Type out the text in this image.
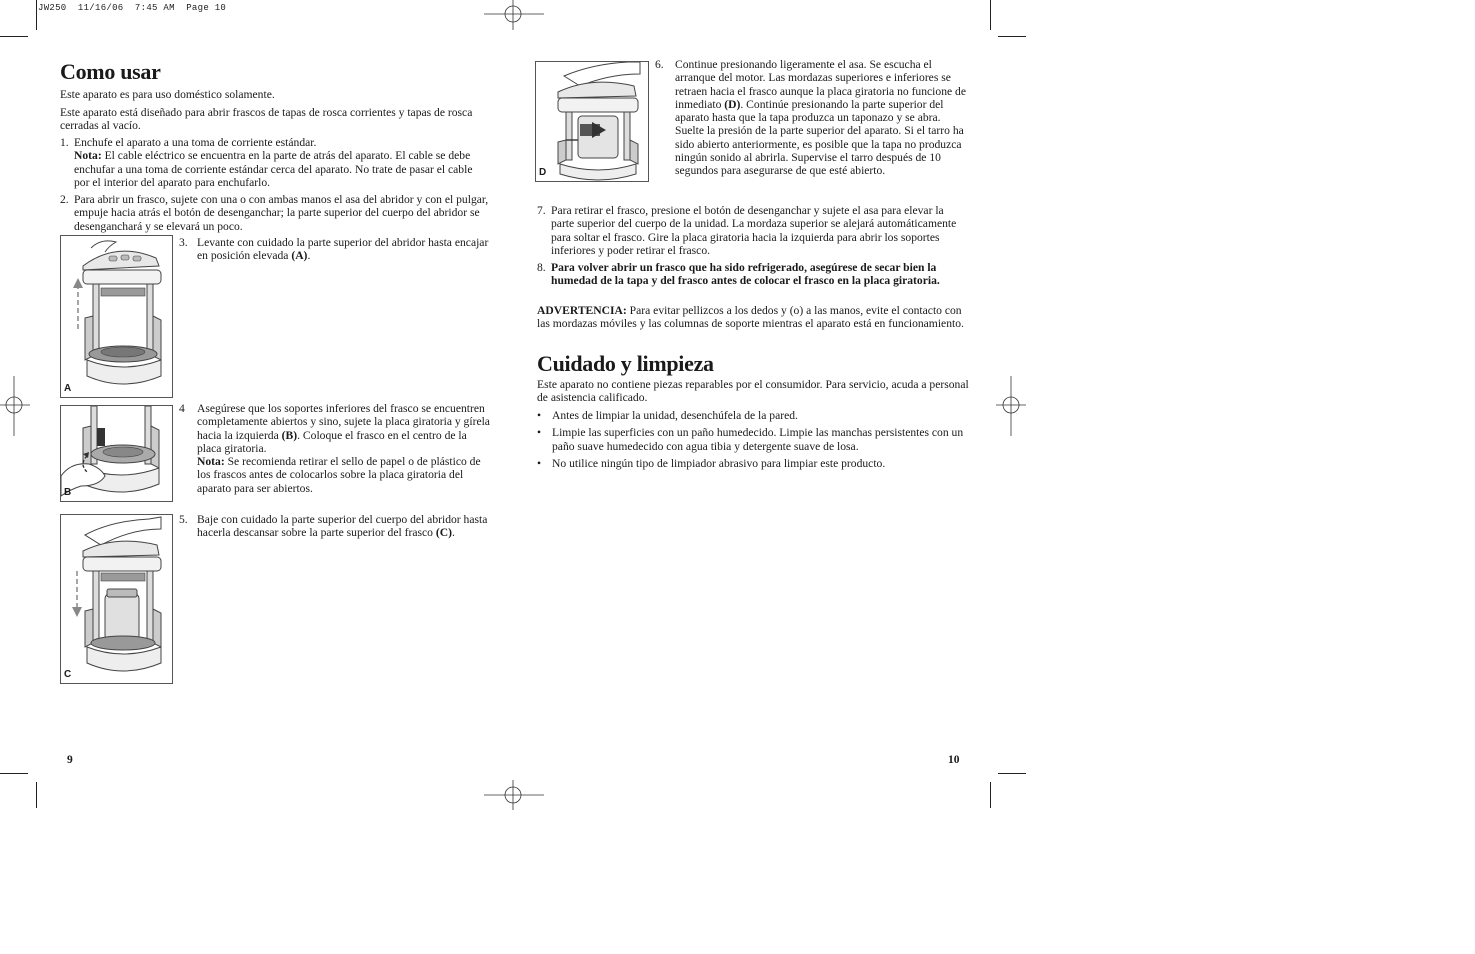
JW250  11/16/06  7:45 AM  Page 10
Como usar

Este aparato es para uso doméstico solamente.

Este aparato está diseñado para abrir frascos de tapas de rosca corrientes y tapas de rosca cerradas al vacío.

1. Enchufe el aparato a una toma de corriente estándar.
Nota: El cable eléctrico se encuentra en la parte de atrás del aparato. El cable se debe enchufar a una toma de corriente estándar cerca del aparato. No trate de pasar el cable por el interior del aparato para enchufarlo.
2. Para abrir un frasco, sujete con una o con ambas manos el asa del abridor y con el pulgar, empuje hacia atrás el botón de desenganchar; la parte superior del cuerpo del abridor se desenganchará y se elevará un poco.
A
3. Levante con cuidado la parte superior del abridor hasta encajar en posición elevada (A).
B
4 Asegúrese que los soportes inferiores del frasco se encuentren completamente abiertos y sino, sujete la placa giratoria y gírela hacia la izquierda (B). Coloque el frasco en el centro de la placa giratoria.
Nota: Se recomienda retirar el sello de papel o de plástico de los frascos antes de colocarlos sobre la placa giratoria del aparato para ser abiertos.
C
5. Baje con cuidado la parte superior del cuerpo del abridor hasta hacerla descansar sobre la parte superior del frasco (C).
9
D
6. Continue presionando ligeramente el asa. Se escucha el arranque del motor. Las mordazas superiores e inferiores se retraen hacia el frasco aunque la placa giratoria no funcione de inmediato (D). Continúe presionando la parte superior del aparato hasta que la tapa produzca un taponazo y se abra. Suelte la presión de la parte superior del aparato. Si el tarro ha sido abierto anteriormente, es posible que la tapa no produzca ningún sonido al abrirla. Supervise el tarro después de 10 segundos para asegurarse de que esté abierto.
7. Para retirar el frasco, presione el botón de desenganchar y sujete el asa para elevar la parte superior del cuerpo de la unidad. La mordaza superior se alejará automáticamente para soltar el frasco. Gire la placa giratoria hacia la izquierda para abrir los soportes inferiores y poder retirar el frasco.
8. Para volver abrir un frasco que ha sido refrigerado, asegúrese de secar bien la humedad de la tapa y del frasco antes de colocar el frasco en la placa giratoria.

ADVERTENCIA: Para evitar pellizcos a los dedos y (o) a las manos, evite el contacto con las mordazas móviles y las columnas de soporte mientras el aparato está en funcionamiento.

Cuidado y limpieza

Este aparato no contiene piezas reparables por el consumidor. Para servicio, acuda a personal de asistencia calificado.

• Antes de limpiar la unidad, desenchúfela de la pared.
• Limpie las superficies con un paño humedecido. Limpie las manchas persistentes con un paño suave humedecido con agua tibia y detergente suave de losa.
• No utilice ningún tipo de limpiador abrasivo para limpiar este producto.
10
